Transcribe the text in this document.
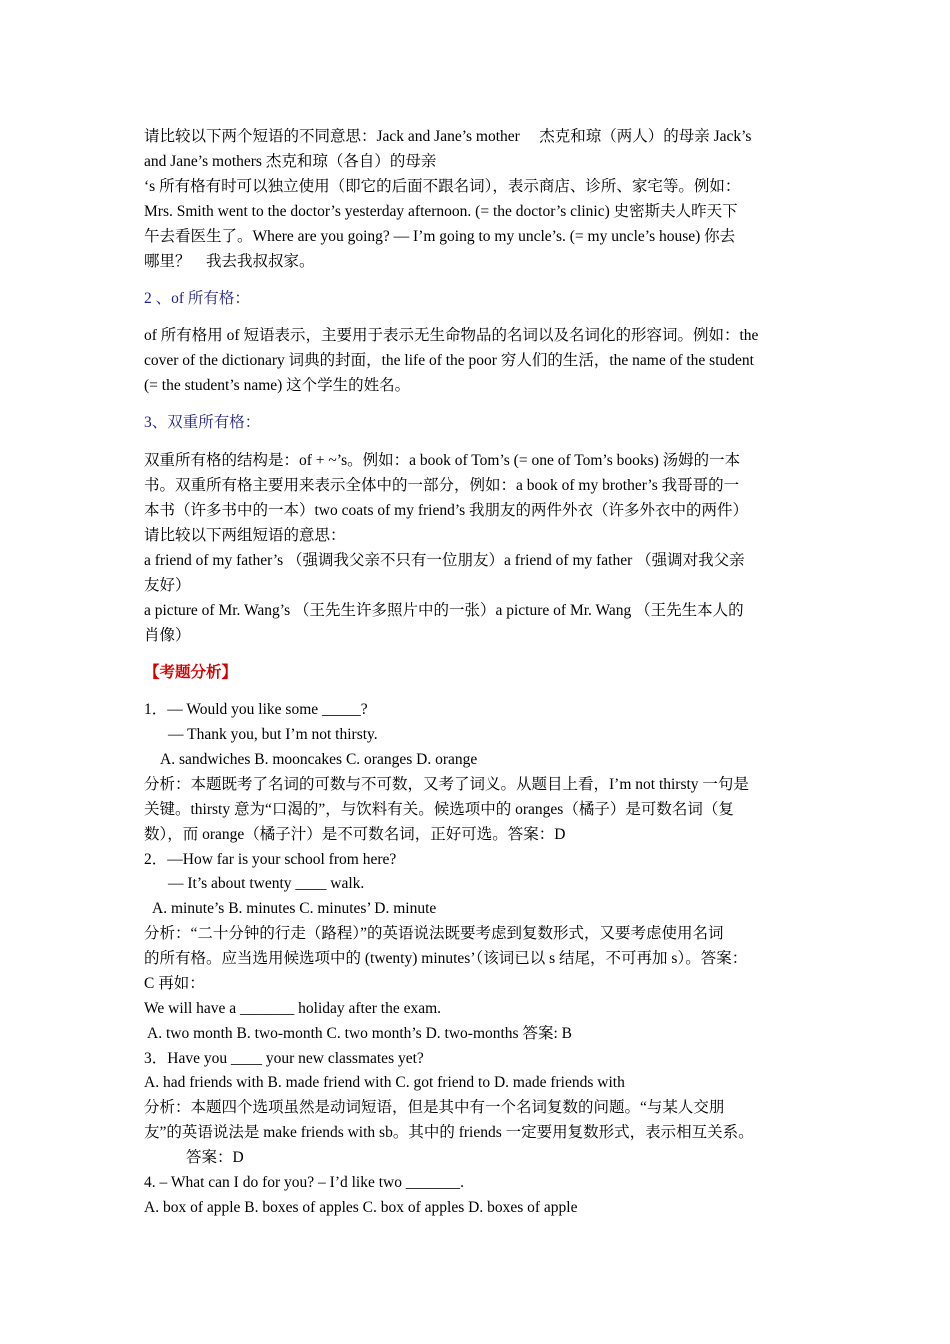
请比较以下两个短语的不同意思：Jack and Jane’s mother　 杰克和琼（两人）的母亲 Jack’s
and Jane’s mothers 杰克和琼（各自）的母亲
‘s 所有格有时可以独立使用（即它的后面不跟名词），表示商店、诊所、家宅等。例如：
Mrs. Smith went to the doctor’s yesterday afternoon. (= the doctor’s clinic) 史密斯夫人昨天下
午去看医生了。Where are you going? — I’m going to my uncle’s. (= my uncle’s house) 你去
哪里？　我去我叔叔家。
2 、of 所有格：
of 所有格用 of 短语表示，主要用于表示无生命物品的名词以及名词化的形容词。例如：the
cover of the dictionary 词典的封面，the life of the poor 穷人们的生活，the name of the student
(= the student’s name) 这个学生的姓名。
3、双重所有格：
双重所有格的结构是：of + ~’s。例如：a book of Tom’s (= one of Tom’s books) 汤姆的一本
书。双重所有格主要用来表示全体中的一部分，例如：a book of my brother’s 我哥哥的一
本书（许多书中的一本）two coats of my friend’s 我朋友的两件外衣（许多外衣中的两件）
请比较以下两组短语的意思：
a friend of my father’s （强调我父亲不只有一位朋友）a friend of my father （强调对我父亲
友好）
a picture of Mr. Wang’s （王先生许多照片中的一张）a picture of Mr. Wang （王先生本人的
肖像）
【考题分析】
1．— Would you like some _____?
— Thank you, but I’m not thirsty.
A. sandwiches B. mooncakes C. oranges D. orange
分析：本题既考了名词的可数与不可数，又考了词义。从题目上看，I’m not thirsty 一句是
关键。thirsty 意为“口渴的”，与饮料有关。候选项中的 oranges（橘子）是可数名词（复
数），而 orange（橘子汁）是不可数名词，正好可选。答案：D
2．—How far is your school from here?
— It’s about twenty ____ walk.
A. minute’s B. minutes C. minutes’ D. minute
分析：“二十分钟的行走（路程）”的英语说法既要考虑到复数形式，又要考虑使用名词
的所有格。应当选用候选项中的 (twenty) minutes’（该词已以 s 结尾，不可再加 s）。答案：
C 再如：
We will have a _______ holiday after the exam.
A. two month B. two-month C. two month’s D. two-months 答案: B
3．Have you ____ your new classmates yet?
A. had friends with B. made friend with C. got friend to D. made friends with
分析：本题四个选项虽然是动词短语，但是其中有一个名词复数的问题。“与某人交朋
友”的英语说法是 make friends with sb。其中的 friends 一定要用复数形式，表示相互关系。
答案：D
4. – What can I do for you? – I’d like two _______.
A. box of apple B. boxes of apples C. box of apples D. boxes of apple
